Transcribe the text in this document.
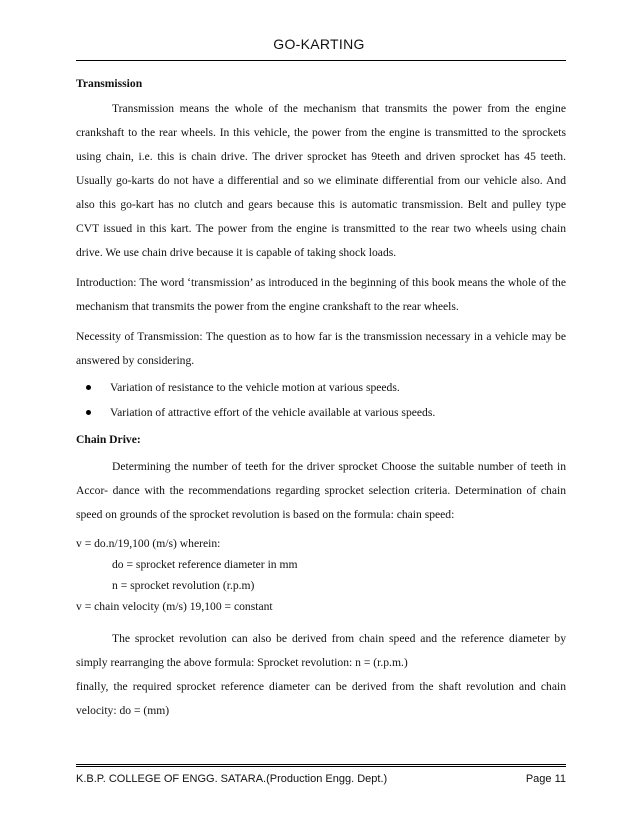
GO-KARTING

Transmission

Transmission means the whole of the mechanism that transmits the power from the engine crankshaft to the rear wheels. In this vehicle, the power from the engine is transmitted to the sprockets using chain, i.e. this is chain drive. The driver sprocket has 9teeth and driven sprocket has 45 teeth. Usually go-karts do not have a differential and so we eliminate differential from our vehicle also. And also this go-kart has no clutch and gears because this is automatic transmission. Belt and pulley type CVT issued in this kart. The power from the engine is transmitted to the rear two wheels using chain drive. We use chain drive because it is capable of taking shock loads.

Introduction: The word ‘transmission’ as introduced in the beginning of this book means the whole of the mechanism that transmits the power from the engine crankshaft to the rear wheels.

Necessity of Transmission: The question as to how far is the transmission necessary in a vehicle may be answered by considering.

Variation of resistance to the vehicle motion at various speeds.
Variation of attractive effort of the vehicle available at various speeds.

Chain Drive:

Determining the number of teeth for the driver sprocket Choose the suitable number of teeth in Accor- dance with the recommendations regarding sprocket selection criteria. Determination of chain speed on grounds of the sprocket revolution is based on the formula: chain speed:

v = do.n/19,100 (m/s) wherein:

do = sprocket reference diameter in mm

n = sprocket revolution (r.p.m)

v = chain velocity (m/s) 19,100 = constant

The sprocket revolution can also be derived from chain speed and the reference diameter by simply rearranging the above formula: Sprocket revolution: n = (r.p.m.)

finally, the required sprocket reference diameter can be derived from the shaft revolution and chain velocity: do = (mm)

K.B.P. COLLEGE OF ENGG. SATARA.(Production Engg. Dept.)	Page 11
